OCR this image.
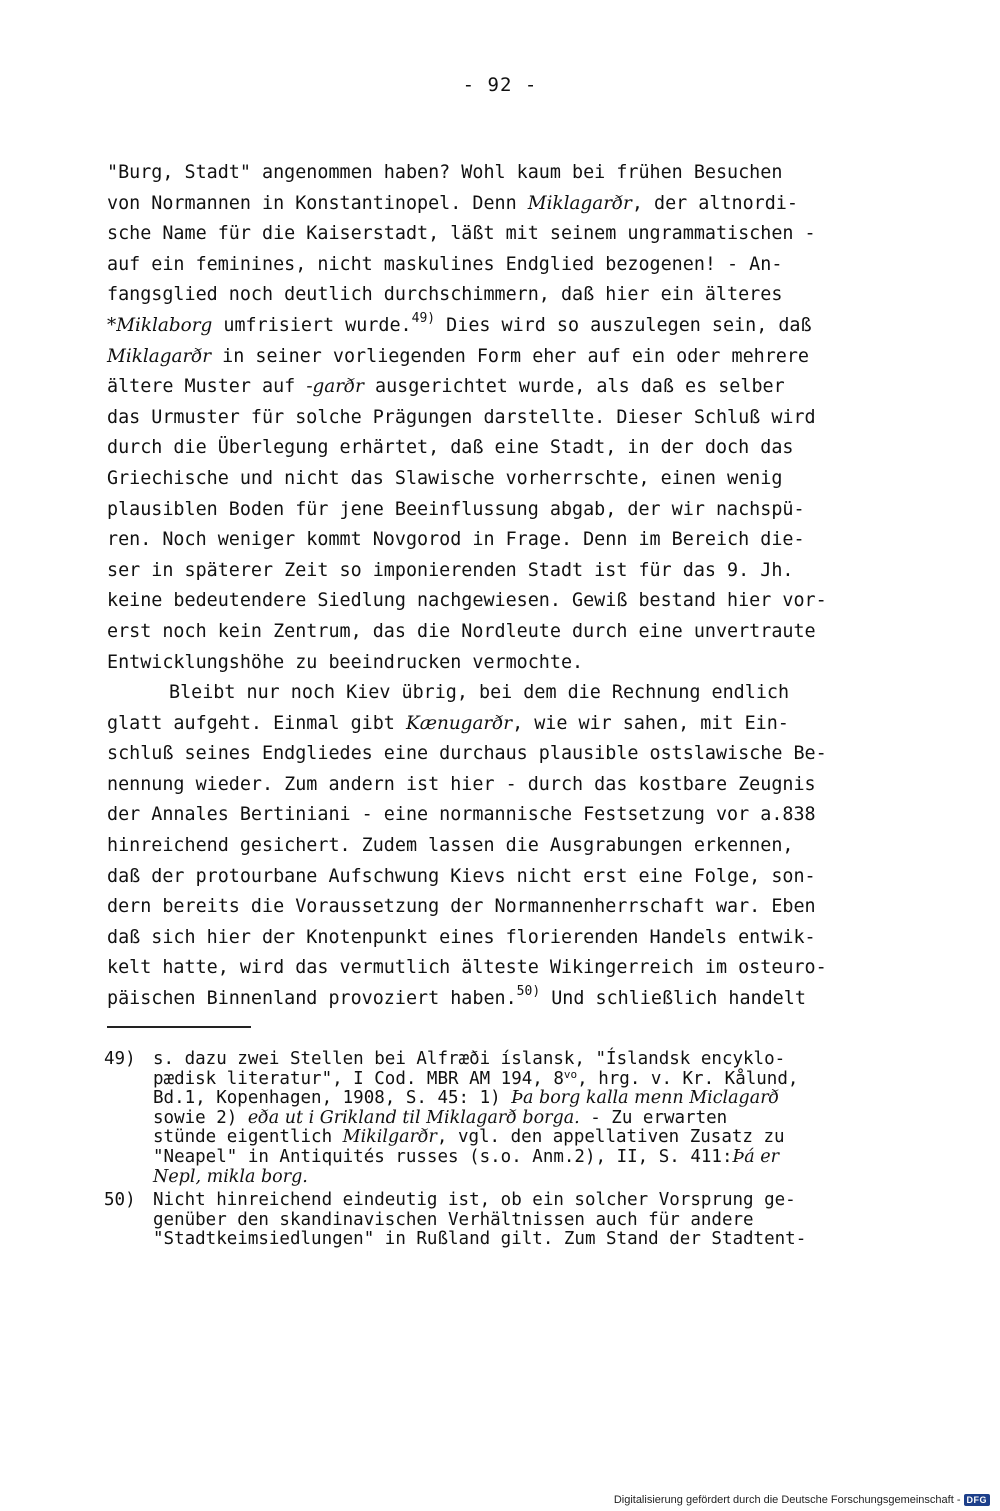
- 92 -
"Burg, Stadt" angenommen haben? Wohl kaum bei frühen Besuchen
von Normannen in Konstantinopel. Denn Miklagarðr, der altnordi-
sche Name für die Kaiserstadt, läßt mit seinem ungrammatischen -
auf ein feminines, nicht maskulines Endglied bezogenen! - An-
fangsglied noch deutlich durchschimmern, daß hier ein älteres
*Miklaborg umfrisiert wurde.$^{49)}$ Dies wird so auszulegen sein, daß
Miklagarðr in seiner vorliegenden Form eher auf ein oder mehrere
ältere Muster auf -garðr ausgerichtet wurde, als daß es selber
das Urmuster für solche Prägungen darstellte. Dieser Schluß wird
durch die Überlegung erhärtet, daß eine Stadt, in der doch das
Griechische und nicht das Slawische vorherrschte, einen wenig
plausiblen Boden für jene Beeinflussung abgab, der wir nachspü-
ren. Noch weniger kommt Novgorod in Frage. Denn im Bereich die-
ser in späterer Zeit so imponierenden Stadt ist für das 9. Jh.
keine bedeutendere Siedlung nachgewiesen. Gewiß bestand hier vor-
erst noch kein Zentrum, das die Nordleute durch eine unvertraute
Entwicklungshöhe zu beeindrucken vermochte.
Bleibt nur noch Kiev übrig, bei dem die Rechnung endlich
glatt aufgeht. Einmal gibt Kænugarðr, wie wir sahen, mit Ein-
schluß seines Endgliedes eine durchaus plausible ostslawische Be-
nennung wieder. Zum andern ist hier - durch das kostbare Zeugnis
der Annales Bertiniani - eine normannische Festsetzung vor a.838
hinreichend gesichert. Zudem lassen die Ausgrabungen erkennen,
daß der protourbane Aufschwung Kievs nicht erst eine Folge, son-
dern bereits die Voraussetzung der Normannenherrschaft war. Eben
daß sich hier der Knotenpunkt eines florierenden Handels entwik-
kelt hatte, wird das vermutlich älteste Wikingerreich im osteuro-
päischen Binnenland provoziert haben.$^{50)}$ Und schließlich handelt
49) s. dazu zwei Stellen bei Alfræði íslansk, "Íslandsk encyklo-
pædisk literatur", I Cod. MBR AM 194, $8^{vo}$, hrg. v. Kr. Kålund,
Bd.1, Kopenhagen, 1908, S. 45: 1) Þa borg kalla menn Miclagarð
sowie 2) eða ut i Grikland til Miklagarð borga. - Zu erwarten
stünde eigentlich Mikilgarðr, vgl. den appellativen Zusatz zu
"Neapel" in Antiquités russes (s.o. Anm.2), II, S. 411:Þá er
Nepl, mikla borg.
50) Nicht hinreichend eindeutig ist, ob ein solcher Vorsprung ge-
genüber den skandinavischen Verhältnissen auch für andere
"Stadtkeimsiedlungen" in Rußland gilt. Zum Stand der Stadtent-
Digitalisierung gefördert durch die Deutsche Forschungsgemeinschaft - DFG
